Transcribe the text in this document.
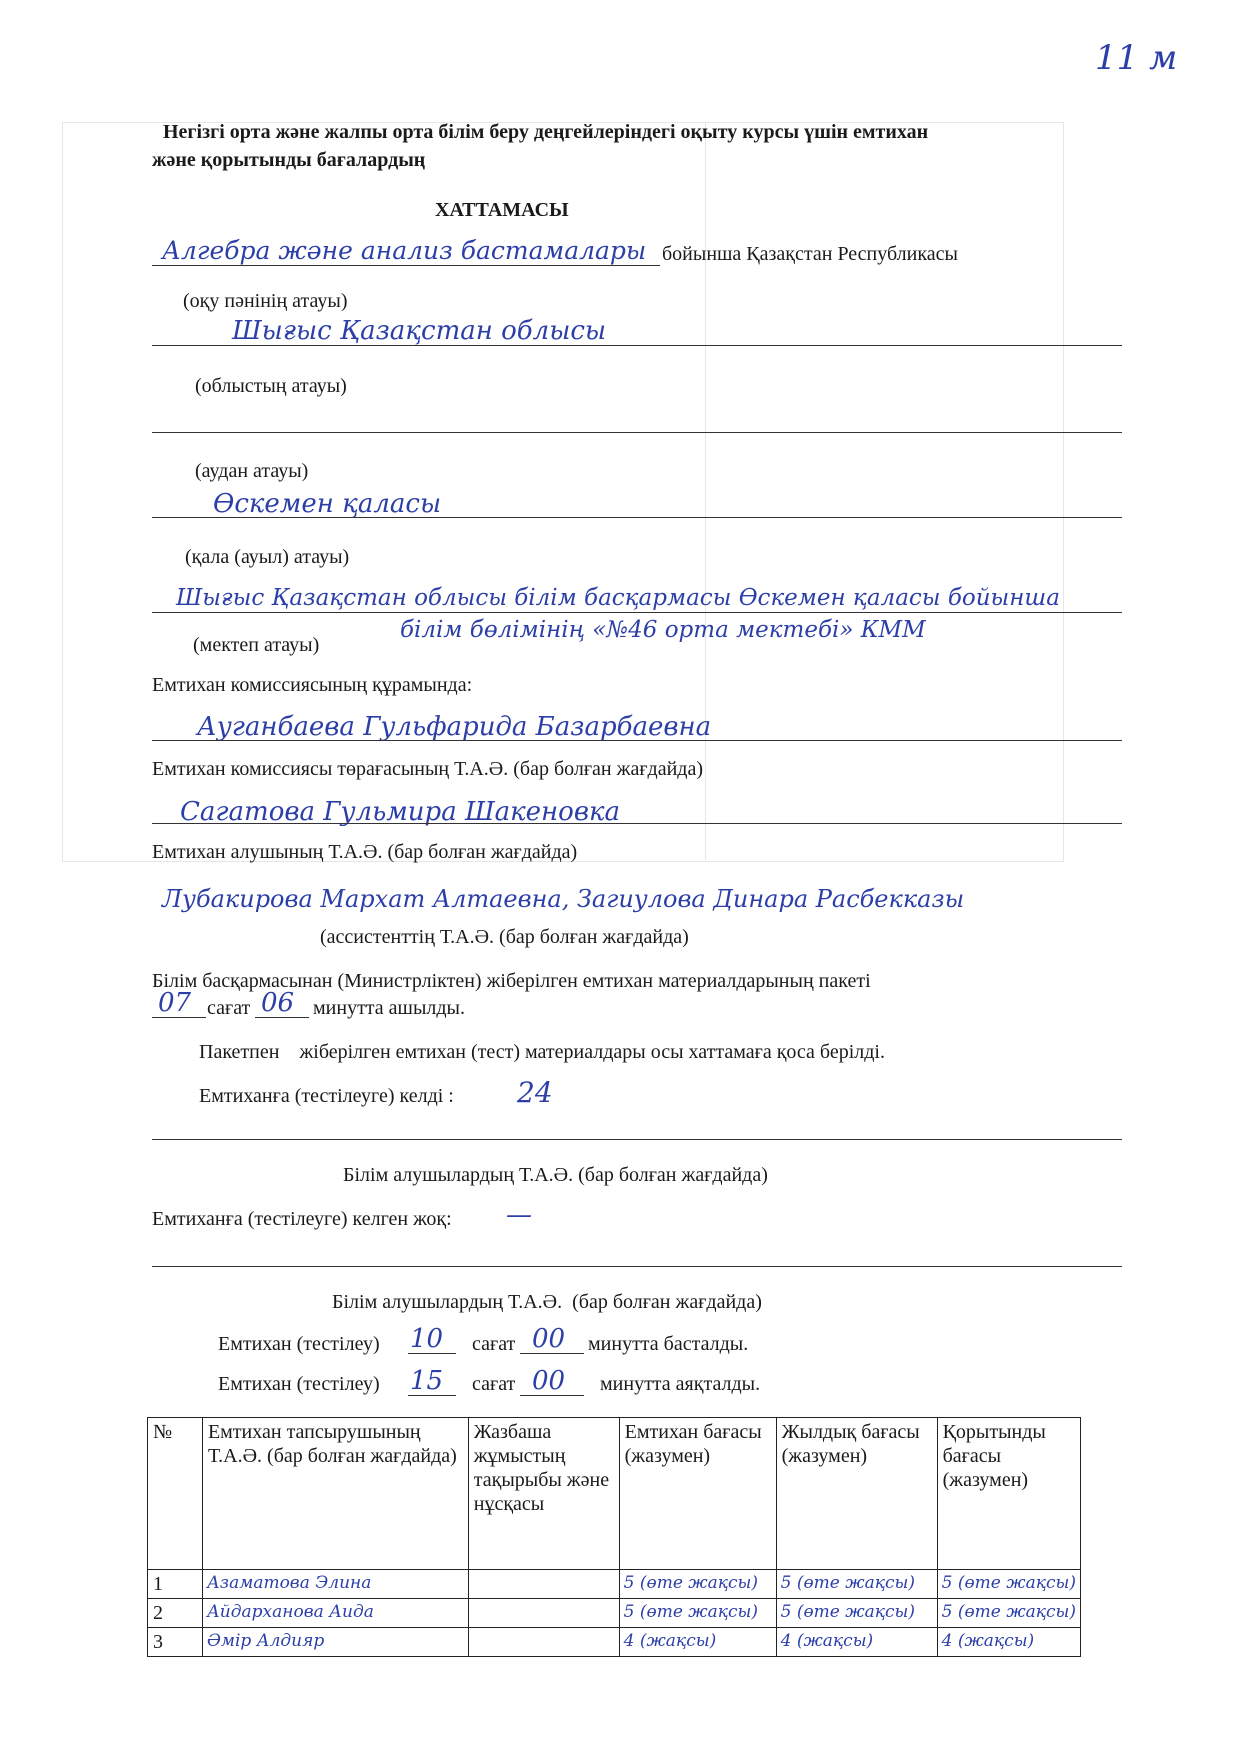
11 м
Негізгі орта және жалпы орта білім беру деңгейлеріндегі оқыту курсы үшін емтихан
және қорытынды бағалардың
ХАТТАМАСЫ
Алгебра және анализ бастамалары бойынша Қазақстан Республикасы
(оқу пәнінің атауы)
Шығыс Қазақстан облысы
(облыстың атауы)
(аудан атауы)
Өскемен қаласы
(қала (ауыл) атауы)
Шығыс Қазақстан облысы білім басқармасы Өскемен қаласы бойынша
білім бөлімінің «№46 орта мектебі» КММ
(мектеп атауы)
Емтихан комиссиясының құрамында:
Ауганбаева Гульфарида Базарбаевна
Емтихан комиссиясы төрағасының Т.А.Ә. (бар болған жағдайда)
Сагатова Гульмира Шакеновка
Емтихан алушының Т.А.Ә. (бар болған жағдайда)
Лубакирова Мархат Алтаевна, Загиулова Динара Расбекказы
(ассистенттің Т.А.Ә. (бар болған жағдайда)
Білім басқармасынан (Министрліктен) жіберілген емтихан материалдарының пакеті
07 сағат 06 минутта ашылды.
Пакетпен    жіберілген емтихан (тест) материалдары осы хаттамаға қоса берілді.
Емтиханға (тестілеуге) келді : 24
Білім алушылардың Т.А.Ә. (бар болған жағдайда)
Емтиханға (тестілеуге) келген жоқ: —
Білім алушылардың Т.А.Ә.  (бар болған жағдайда)
Емтихан (тестілеу) 10 сағат 00 минутта басталды.
Емтихан (тестілеу) 15 сағат 00 минутта аяқталды.
№	Емтихан тапсырушының Т.А.Ә. (бар болған жағдайда)	Жазбаша жұмыстың тақырыбы және нұсқасы	Емтихан бағасы (жазумен)	Жылдық бағасы (жазумен)	Қорытынды бағасы (жазумен)
1	Азаматова Элина		5 (өте жақсы)	5 (өте жақсы)	5 (өте жақсы)
2	Айдарханова Аида		5 (өте жақсы)	5 (өте жақсы)	5 (өте жақсы)
3	Әмір Алдияр		4 (жақсы)	4 (жақсы)	4 (жақсы)
